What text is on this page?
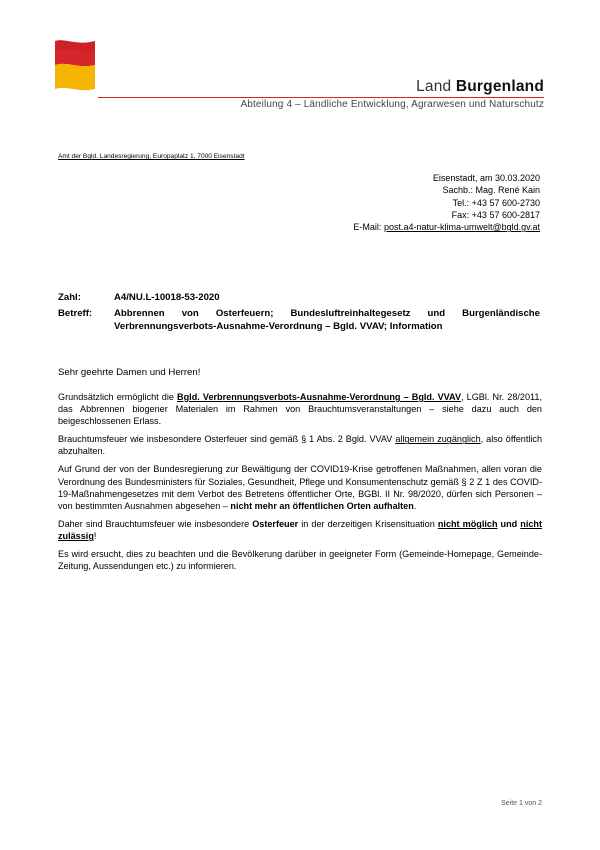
Land Burgenland
Abteilung 4 – Ländliche Entwicklung, Agrarwesen und Naturschutz
Amt der Bgld. Landesregierung, Europaplatz 1, 7000 Eisenstadt
Eisenstadt, am 30.03.2020
Sachb.: Mag. René Kain
Tel.: +43 57 600-2730
Fax: +43 57 600-2817
E-Mail: post.a4-natur-klima-umwelt@bgld.gv.at
Zahl:	A4/NU.L-10018-53-2020
Betreff:	Abbrennen von Osterfeuern; Bundesluftreinhaltegesetz und Burgenländische Verbrennungsverbots-Ausnahme-Verordnung – Bgld. VVAV; Information
Sehr geehrte Damen und Herren!

Grundsätzlich ermöglicht die Bgld. Verbrennungsverbots-Ausnahme-Verordnung – Bgld. VVAV, LGBl. Nr. 28/2011, das Abbrennen biogener Materialen im Rahmen von Brauchtumsveranstaltungen – siehe dazu auch den beigeschlossenen Erlass.

Brauchtumsfeuer wie insbesondere Osterfeuer sind gemäß § 1 Abs. 2 Bgld. VVAV allgemein zugänglich, also öffentlich abzuhalten.

Auf Grund der von der Bundesregierung zur Bewältigung der COVID19-Krise getroffenen Maßnahmen, allen voran die Verordnung des Bundesministers für Soziales, Gesundheit, Pflege und Konsumentenschutz gemäß § 2 Z 1 des COVID-19-Maßnahmengesetzes mit dem Verbot des Betretens öffentlicher Orte, BGBl. II Nr. 98/2020, dürfen sich Personen – von bestimmten Ausnahmen abgesehen – nicht mehr an öffentlichen Orten aufhalten.

Daher sind Brauchtumsfeuer wie insbesondere Osterfeuer in der derzeitigen Krisensituation nicht möglich und nicht zulässig!

Es wird ersucht, dies zu beachten und die Bevölkerung darüber in geeigneter Form (Gemeinde-Homepage, Gemeinde-Zeitung, Aussendungen etc.) zu informieren.

Seite 1 von 2
